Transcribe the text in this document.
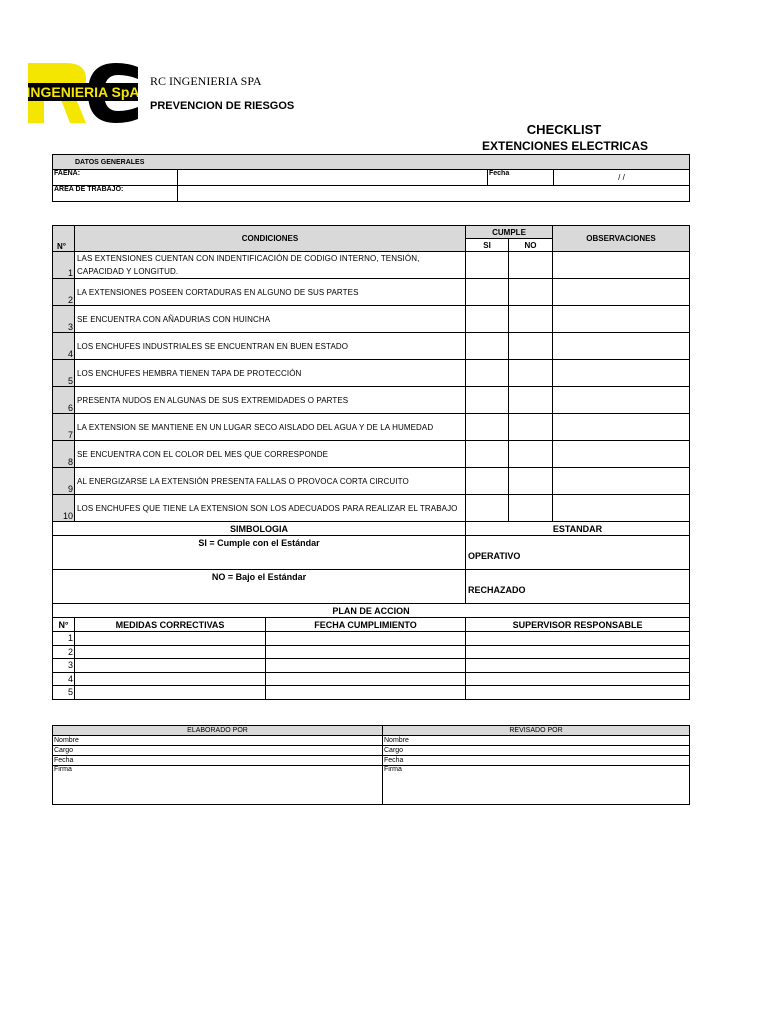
INGENIERIA SpA
RC INGENIERIA SPA
PREVENCION DE RIESGOS
CHECKLIST
EXTENCIONES ELECTRICAS
DATOS GENERALES			
FAENA:		Fecha	/ /
AREA DE TRABAJO:			
N°	CONDICIONES		CUMPLE		OBSERVACIONES
			SI	NO	
1	LAS EXTENSIONES CUENTAN CON INDENTIFICACIÓN DE CODIGO INTERNO, TENSIÓN, CAPACIDAD Y LONGITUD.				
2	LA EXTENSIONES POSEEN CORTADURAS EN ALGUNO DE SUS PARTES				
3	SE ENCUENTRA CON AÑADURIAS CON HUINCHA				
4	LOS ENCHUFES INDUSTRIALES SE ENCUENTRAN EN BUEN ESTADO				
5	LOS ENCHUFES HEMBRA TIENEN TAPA DE PROTECCIÓN				
6	PRESENTA NUDOS EN ALGUNAS DE SUS EXTREMIDADES O PARTES				
7	LA EXTENSION SE MANTIENE EN UN LUGAR SECO AISLADO DEL AGUA Y DE LA HUMEDAD				
8	SE ENCUENTRA CON EL COLOR DEL MES QUE CORRESPONDE				
9	AL ENERGIZARSE LA EXTENSIÓN PRESENTA FALLAS O PROVOCA CORTA CIRCUITO				
10	LOS ENCHUFES QUE TIENE LA EXTENSION SON LOS ADECUADOS PARA REALIZAR EL TRABAJO				
SIMBOLOGIA			ESTANDAR		
SI = Cumple con el Estándar			OPERATIVO		
NO = Bajo el Estándar			RECHAZADO		
PLAN DE ACCION					
N°	MEDIDAS CORRECTIVAS	FECHA CUMPLIMIENTO	SUPERVISOR RESPONSABLE		
1					
2					
3					
4					
5					
ELABORADO POR	REVISADO POR
Nombre	Nombre
Cargo	Cargo
Fecha	Fecha
Firma	Firma
